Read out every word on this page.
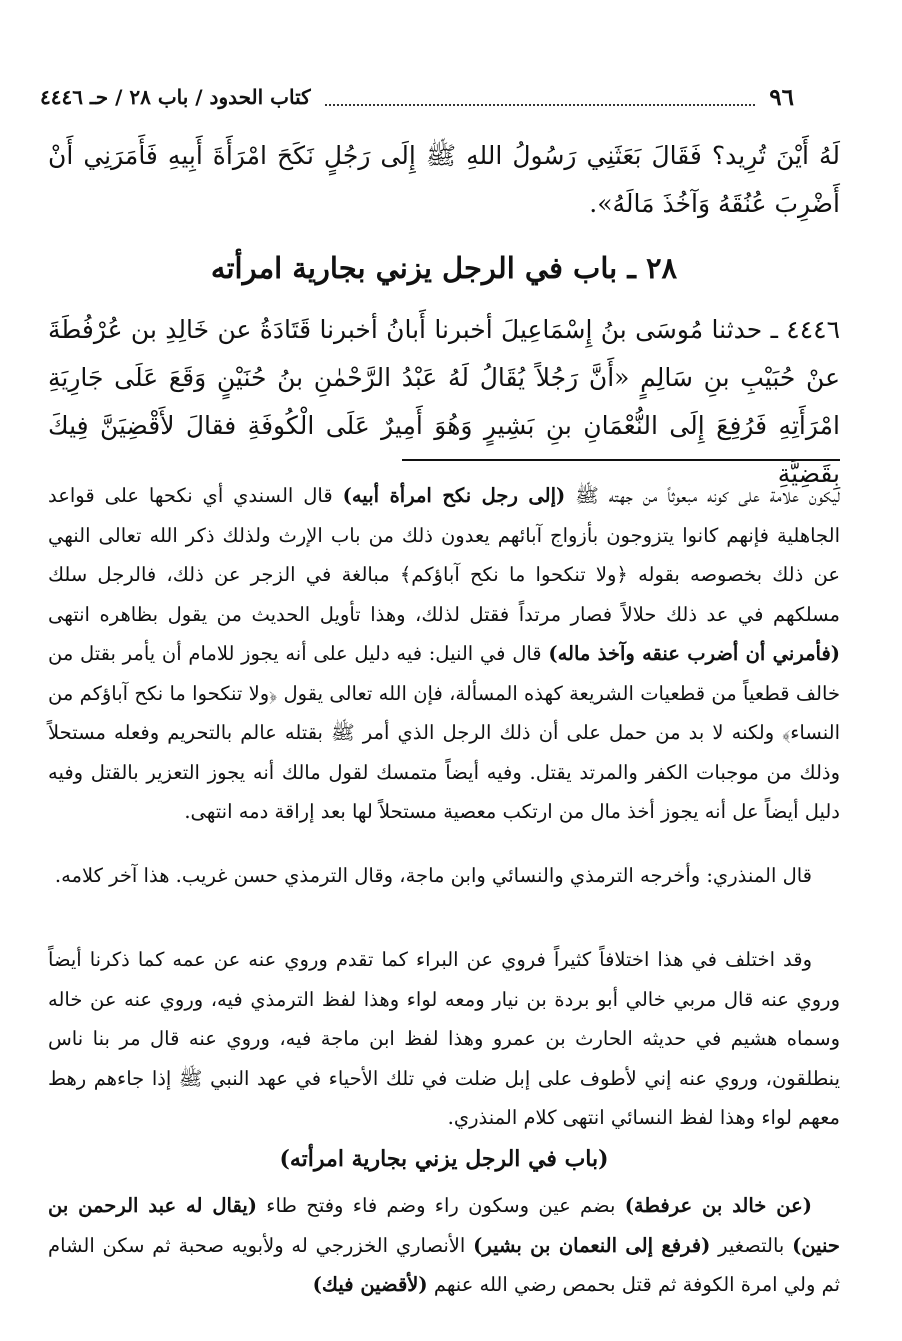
٩٦
كتاب الحدود / باب ٢٨ / حـ ٤٤٤٦

لَهُ أَيْنَ تُرِيد؟ فَقَالَ بَعَثَنِي رَسُولُ اللهِ ﷺ إِلَى رَجُلٍ نَكَحَ امْرَأَةَ أَبِيهِ فَأَمَرَنِي أَنْ أَضْرِبَ عُنُقَهُ وَآخُذَ مَالَهُ».

٢٨ ـ باب في الرجل يزني بجارية امرأته

٤٤٤٦ ـ حدثنا مُوسَى بنُ إِسْمَاعِيلَ أخبرنا أَبانُ أخبرنا قَتَادَةُ عن خَالِدِ بن عُرْفُطَةَ عنْ حُبَيْبِ بنِ سَالِمٍ «أَنَّ رَجُلاً يُقَالُ لَهُ عَبْدُ الرَّحْمٰنِ بنُ حُنَيْنٍ وَقَعَ عَلَى جَارِيَةِ امْرَأَتِهِ فَرُفِعَ إِلَى النُّعْمَانِ بنِ بَشِيرٍ وَهُوَ أَمِيرٌ عَلَى الْكُوفَةِ فقالَ لأَقْضِيَنَّ فِيكَ بِقَضِيَّةِ

ليكون علامة على كونه مبعوثاً من جهته ﷺ (إلى رجل نكح امرأة أبيه) قال السندي أي نكحها على قواعد الجاهلية فإنهم كانوا يتزوجون بأزواج آبائهم يعدون ذلك من باب الإرث ولذلك ذكر الله تعالى النهي عن ذلك بخصوصه بقوله ﴿ولا تنكحوا ما نكح آباؤكم﴾ مبالغة في الزجر عن ذلك، فالرجل سلك مسلكهم في عد ذلك حلالاً فصار مرتداً فقتل لذلك، وهذا تأويل الحديث من يقول بظاهره انتهى (فأمرني أن أضرب عنقه وآخذ ماله) قال في النيل: فيه دليل على أنه يجوز للامام أن يأمر بقتل من خالف قطعياً من قطعيات الشريعة كهذه المسألة، فإن الله تعالى يقول ﴿ولا تنكحوا ما نكح آباؤكم من النساء﴾ ولكنه لا بد من حمل على أن ذلك الرجل الذي أمر ﷺ بقتله عالم بالتحريم وفعله مستحلاً وذلك من موجبات الكفر والمرتد يقتل. وفيه أيضاً متمسك لقول مالك أنه يجوز التعزير بالقتل وفيه دليل أيضاً عل أنه يجوز أخذ مال من ارتكب معصية مستحلاً لها بعد إراقة دمه انتهى.

قال المنذري: وأخرجه الترمذي والنسائي وابن ماجة، وقال الترمذي حسن غريب. هذا آخر كلامه.

وقد اختلف في هذا اختلافاً كثيراً فروي عن البراء كما تقدم وروي عنه عن عمه كما ذكرنا أيضاً وروي عنه قال مربي خالي أبو بردة بن نيار ومعه لواء وهذا لفظ الترمذي فيه، وروي عنه عن خاله وسماه هشيم في حديثه الحارث بن عمرو وهذا لفظ ابن ماجة فيه، وروي عنه قال مر بنا ناس ينطلقون، وروي عنه إني لأطوف على إبل ضلت في تلك الأحياء في عهد النبي ﷺ إذا جاءهم رهط معهم لواء وهذا لفظ النسائي انتهى كلام المنذري.

(باب في الرجل يزني بجارية امرأته)

(عن خالد بن عرفطة) بضم عين وسكون راء وضم فاء وفتح طاء (يقال له عبد الرحمن بن حنين) بالتصغير (فرفع إلى النعمان بن بشير) الأنصاري الخزرجي له ولأبويه صحبة ثم سكن الشام ثم ولي امرة الكوفة ثم قتل بحمص رضي الله عنهم (لأقضين فيك)
